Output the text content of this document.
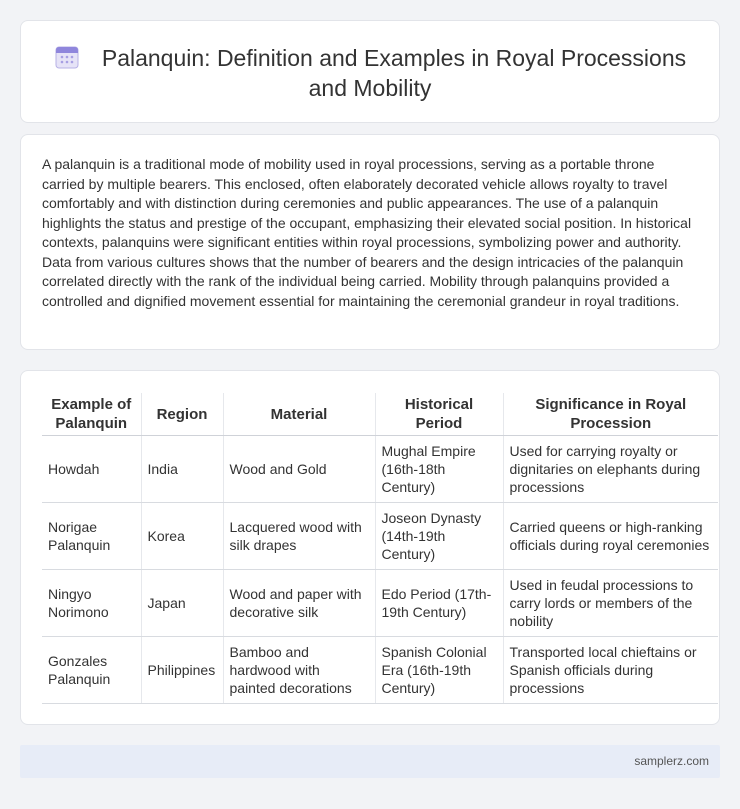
Palanquin: Definition and Examples in Royal Processions and Mobility

A palanquin is a traditional mode of mobility used in royal processions, serving as a portable throne carried by multiple bearers. This enclosed, often elaborately decorated vehicle allows royalty to travel comfortably and with distinction during ceremonies and public appearances. The use of a palanquin highlights the status and prestige of the occupant, emphasizing their elevated social position. In historical contexts, palanquins were significant entities within royal processions, symbolizing power and authority. Data from various cultures shows that the number of bearers and the design intricacies of the palanquin correlated directly with the rank of the individual being carried. Mobility through palanquins provided a controlled and dignified movement essential for maintaining the ceremonial grandeur in royal traditions.

Example of Palanquin	Region	Material	Historical Period	Significance in Royal Procession
Howdah	India	Wood and Gold	Mughal Empire (16th-18th Century)	Used for carrying royalty or dignitaries on elephants during processions
Norigae Palanquin	Korea	Lacquered wood with silk drapes	Joseon Dynasty (14th-19th Century)	Carried queens or high-ranking officials during royal ceremonies
Ningyo Norimono	Japan	Wood and paper with decorative silk	Edo Period (17th-19th Century)	Used in feudal processions to carry lords or members of the nobility
Gonzales Palanquin	Philippines	Bamboo and hardwood with painted decorations	Spanish Colonial Era (16th-19th Century)	Transported local chieftains or Spanish officials during processions
samplerz.com
